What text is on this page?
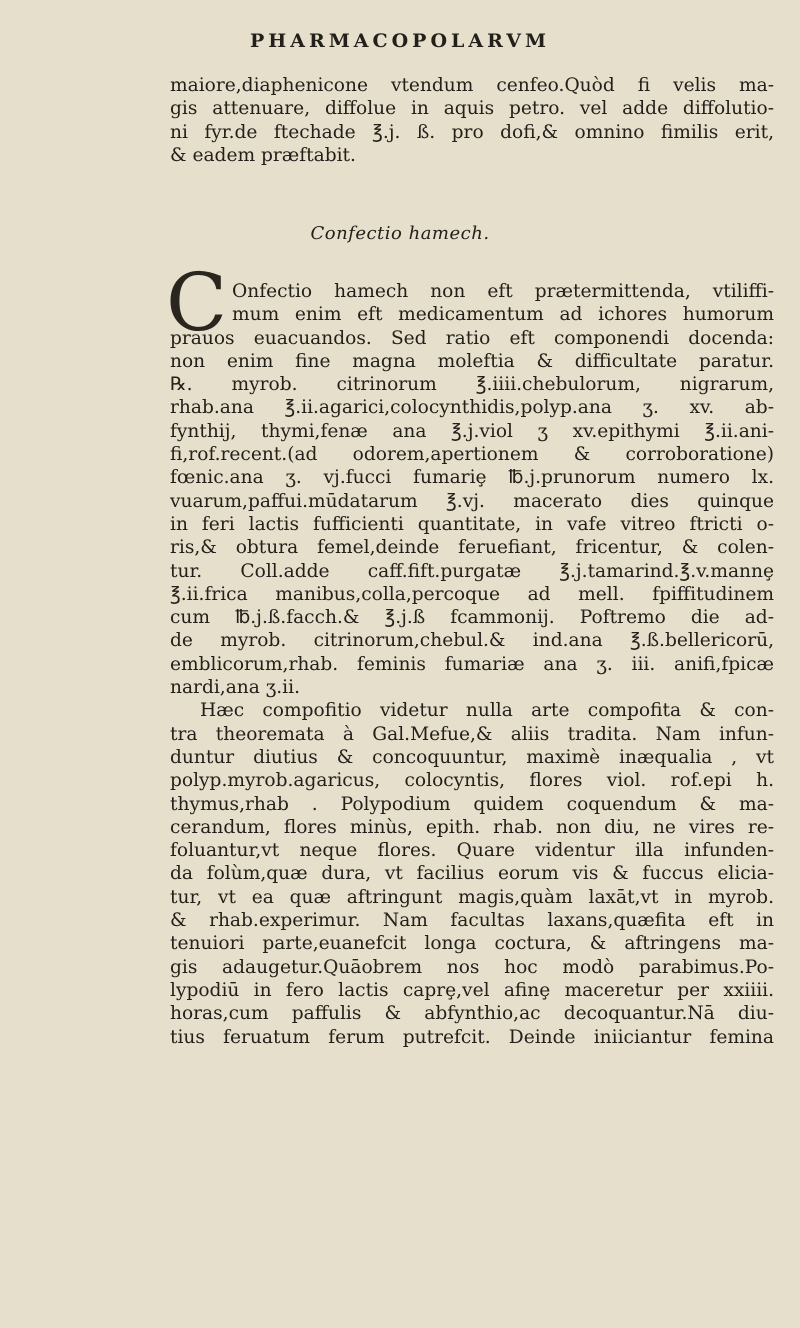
PHARMACOPOLARVM
maiore,diaphenicone vtendum cenfeo.Quòd fi velis ma-
gis attenuare, diffolue in aquis petro. vel adde diffolutio-
ni fyr.de ftechade ℥.j. ß. pro dofi,& omnino fimilis erit,
& eadem præftabit.
Confectio hamech.
C Onfectio hamech non eft prætermittenda, vtiliffi-
mum enim eft medicamentum ad ichores humorum
prauos euacuandos. Sed ratio eft componendi docenda:
non enim fine magna moleftia & difficultate paratur.
℞. myrob. citrinorum ℥.iiii.chebulorum, nigrarum,
rhab.ana ℥.ii.agarici,colocynthidis,polyp.ana ʒ. xv. ab-
fynthij, thymi,fenæ ana ℥.j.viol ʒ xv.epithymi ℥.ii.ani-
fi,rof.recent.(ad odorem,apertionem & corroboratione)
fœnic.ana ʒ. vj.fucci fumariȩ ℔.j.prunorum numero lx.
vuarum,paffui.mūdatarum ℥.vj. macerato dies quinque
in feri lactis fufficienti quantitate, in vafe vitreo ftricti o-
ris,& obtura femel,deinde feruefiant, fricentur, & colen-
tur. Coll.adde caff.fift.purgatæ ℥.j.tamarind.℥.v.mannȩ
℥.ii.frica manibus,colla,percoque ad mell. fpiffitudinem
cum ℔.j.ß.facch.& ℥.j.ß fcammonij. Poftremo die ad-
de myrob. citrinorum,chebul.& ind.ana ℥.ß.bellericorū,
emblicorum,rhab. feminis fumariæ ana ʒ. iii. anifi,fpicæ
nardi,ana ʒ.ii.
Hæc compofitio videtur nulla arte compofita & con-
tra theoremata à Gal.Mefue,& aliis tradita. Nam infun-
duntur diutius & concoquuntur, maximè inæqualia , vt
polyp.myrob.agaricus, colocyntis, flores viol. rof.epi h.
thymus,rhab . Polypodium quidem coquendum & ma-
cerandum, flores minùs, epith. rhab. non diu, ne vires re-
foluantur,vt neque flores. Quare videntur illa infunden-
da folùm,quæ dura, vt facilius eorum vis & fuccus elicia-
tur, vt ea quæ aftringunt magis,quàm laxāt,vt in myrob.
& rhab.experimur. Nam facultas laxans,quæfita eft in
tenuiori parte,euanefcit longa coctura, & aftringens ma-
gis adaugetur.Quāobrem nos hoc modò parabimus.Po-
lypodiū in fero lactis caprȩ,vel afinȩ maceretur per xxiiii.
horas,cum paffulis & abfynthio,ac decoquantur.Nā diu-
tius feruatum ferum putrefcit. Deinde iniiciantur femina
